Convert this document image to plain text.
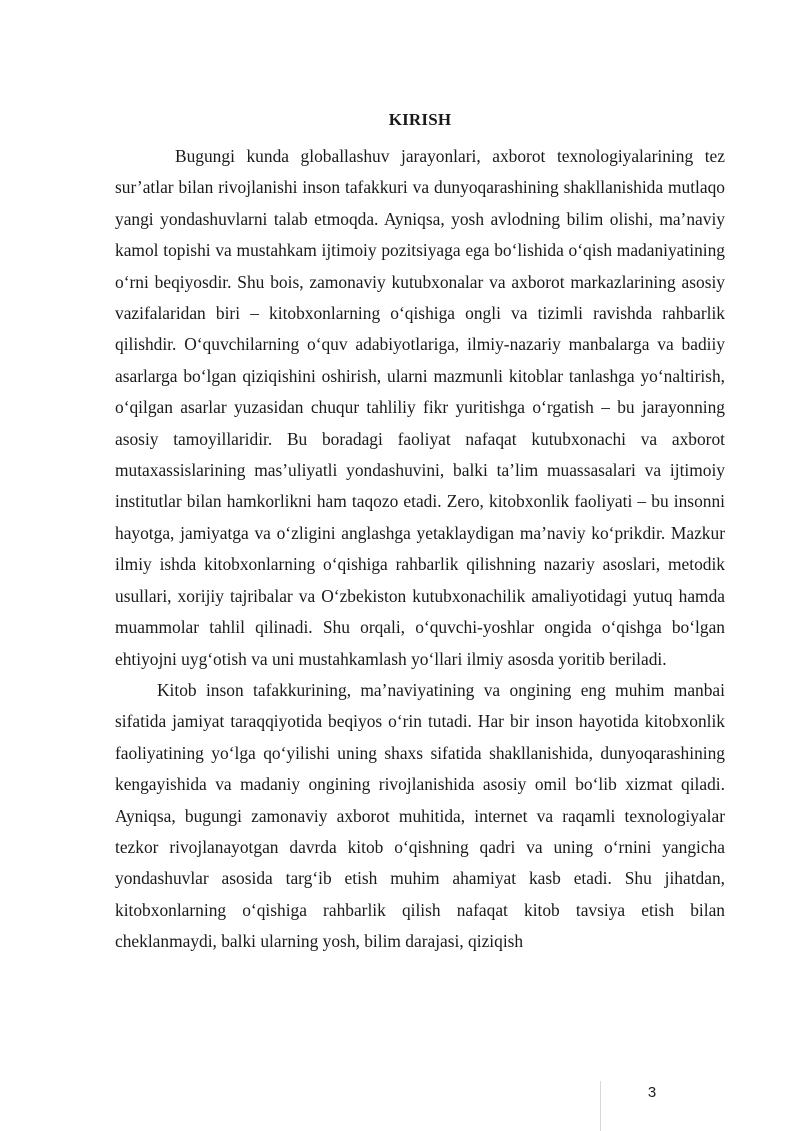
KIRISH

Bugungi kunda globallashuv jarayonlari, axborot texnologiyalarining tez sur’atlar bilan rivojlanishi inson tafakkuri va dunyoqarashining shakllanishida mutlaqo yangi yondashuvlarni talab etmoqda. Ayniqsa, yosh avlodning bilim olishi, ma’naviy kamol topishi va mustahkam ijtimoiy pozitsiyaga ega bo‘lishida o‘qish madaniyatining o‘rni beqiyosdir. Shu bois, zamonaviy kutubxonalar va axborot markazlarining asosiy vazifalaridan biri – kitobxonlarning o‘qishiga ongli va tizimli ravishda rahbarlik qilishdir. O‘quvchilarning o‘quv adabiyotlariga, ilmiy-nazariy manbalarga va badiiy asarlarga bo‘lgan qiziqishini oshirish, ularni mazmunli kitoblar tanlashga yo‘naltirish, o‘qilgan asarlar yuzasidan chuqur tahliliy fikr yuritishga o‘rgatish – bu jarayonning asosiy tamoyillaridir. Bu boradagi faoliyat nafaqat kutubxonachi va axborot mutaxassislarining mas’uliyatli yondashuvini, balki ta’lim muassasalari va ijtimoiy institutlar bilan hamkorlikni ham taqozo etadi. Zero, kitobxonlik faoliyati – bu insonni hayotga, jamiyatga va o‘zligini anglashga yetaklaydigan ma’naviy ko‘prikdir. Mazkur ilmiy ishda kitobxonlarning o‘qishiga rahbarlik qilishning nazariy asoslari, metodik usullari, xorijiy tajribalar va O‘zbekiston kutubxonachilik amaliyotidagi yutuq hamda muammolar tahlil qilinadi. Shu orqali, o‘quvchi-yoshlar ongida o‘qishga bo‘lgan ehtiyojni uyg‘otish va uni mustahkamlash yo‘llari ilmiy asosda yoritib beriladi.

Kitob inson tafakkurining, ma’naviyatining va ongining eng muhim manbai sifatida jamiyat taraqqiyotida beqiyos o‘rin tutadi. Har bir inson hayotida kitobxonlik faoliyatining yo‘lga qo‘yilishi uning shaxs sifatida shakllanishida, dunyoqarashining kengayishida va madaniy ongining rivojlanishida asosiy omil bo‘lib xizmat qiladi. Ayniqsa, bugungi zamonaviy axborot muhitida, internet va raqamli texnologiyalar tezkor rivojlanayotgan davrda kitob o‘qishning qadri va uning o‘rnini yangicha yondashuvlar asosida targ‘ib etish muhim ahamiyat kasb etadi. Shu jihatdan, kitobxonlarning o‘qishiga rahbarlik qilish nafaqat kitob tavsiya etish bilan cheklanmaydi, balki ularning yosh, bilim darajasi, qiziqish

3
